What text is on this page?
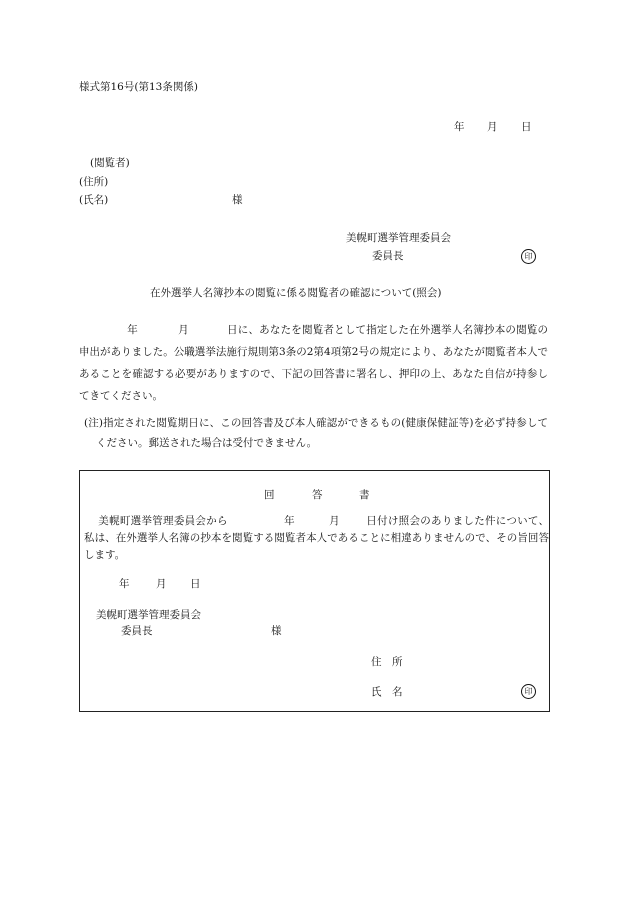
様式第16号(第13条関係)
年 月 日
(閲覧者)
(住所)
(氏名)	様
美幌町選挙管理委員会
委員長	印
在外選挙人名簿抄本の閲覧に係る閲覧者の確認について(照会)
年	月	日に、あなたを閲覧者として指定した在外選挙人名簿抄本の閲覧の申出がありました。公職選挙法施行規則第3条の2第4項第2号の規定により、あなたが閲覧者本人であることを確認する必要がありますので、下記の回答書に署名し、押印の上、あなた自信が持参してきてください。
(注)指定された閲覧期日に、この回答書及び本人確認ができるもの(健康保健証等)を必ず持参してください。郵送された場合は受付できません。
回	答	書
美幌町選挙管理委員会から	年	月 日付け照会のありました件について、私は、在外選挙人名簿の抄本を閲覧する閲覧者本人であることに相違ありませんので、その旨回答します。
年	月 日
美幌町選挙管理委員会
委員長	様
住　所
氏　名	印
